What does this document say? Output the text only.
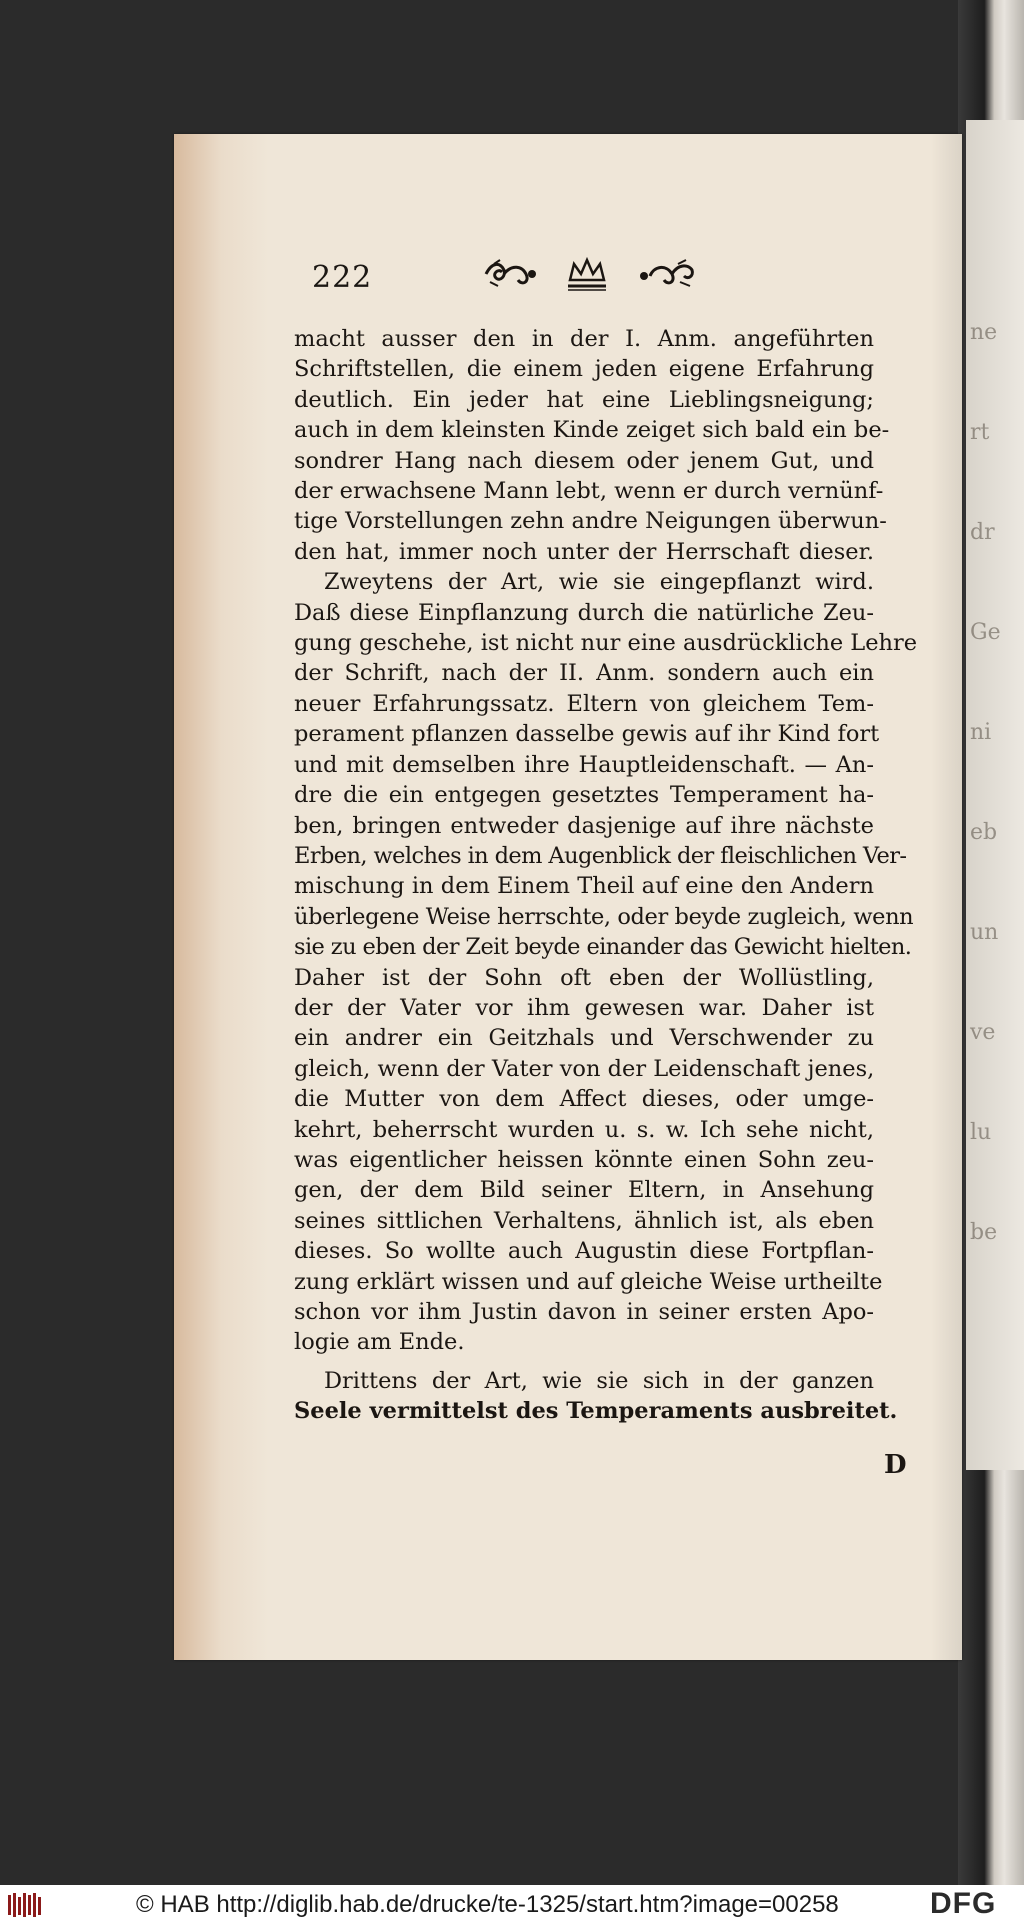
ne
rt
dr
Ge
ni
eb
un
ve
lu
be
222

macht ausser den in der I. Anm. angeführten
Schriftstellen, die einem jeden eigene Erfahrung
deutlich. Ein jeder hat eine Lieblingsneigung;
auch in dem kleinsten Kinde zeiget sich bald ein be-
sondrer Hang nach diesem oder jenem Gut, und
der erwachsene Mann lebt, wenn er durch vernünf-
tige Vorstellungen zehn andre Neigungen überwun-
den hat, immer noch unter der Herrschaft dieser.

Zweytens der Art, wie sie eingepflanzt wird.
Daß diese Einpflanzung durch die natürliche Zeu-
gung geschehe, ist nicht nur eine ausdrückliche Lehre
der Schrift, nach der II. Anm. sondern auch ein
neuer Erfahrungssatz. Eltern von gleichem Tem-
perament pflanzen dasselbe gewis auf ihr Kind fort
und mit demselben ihre Hauptleidenschaft. — An-
dre die ein entgegen gesetztes Temperament ha-
ben, bringen entweder dasjenige auf ihre nächste
Erben, welches in dem Augenblick der fleischlichen Ver-
mischung in dem Einem Theil auf eine den Andern
überlegene Weise herrschte, oder beyde zugleich, wenn
sie zu eben der Zeit beyde einander das Gewicht hielten.
Daher ist der Sohn oft eben der Wollüstling,
der der Vater vor ihm gewesen war. Daher ist
ein andrer ein Geitzhals und Verschwender zu
gleich, wenn der Vater von der Leidenschaft jenes,
die Mutter von dem Affect dieses, oder umge-
kehrt, beherrscht wurden u. s. w. Ich sehe nicht,
was eigentlicher heissen könnte einen Sohn zeu-
gen, der dem Bild seiner Eltern, in Ansehung
seines sittlichen Verhaltens, ähnlich ist, als eben
dieses. So wollte auch Augustin diese Fortpflan-
zung erklärt wissen und auf gleiche Weise urtheilte
schon vor ihm Justin davon in seiner ersten Apo-
logie am Ende.

Drittens der Art, wie sie sich in der ganzen
Seele vermittelst des Temperaments ausbreitet.

D
© HAB http://diglib.hab.de/drucke/te-1325/start.htm?image=00258	DFG
